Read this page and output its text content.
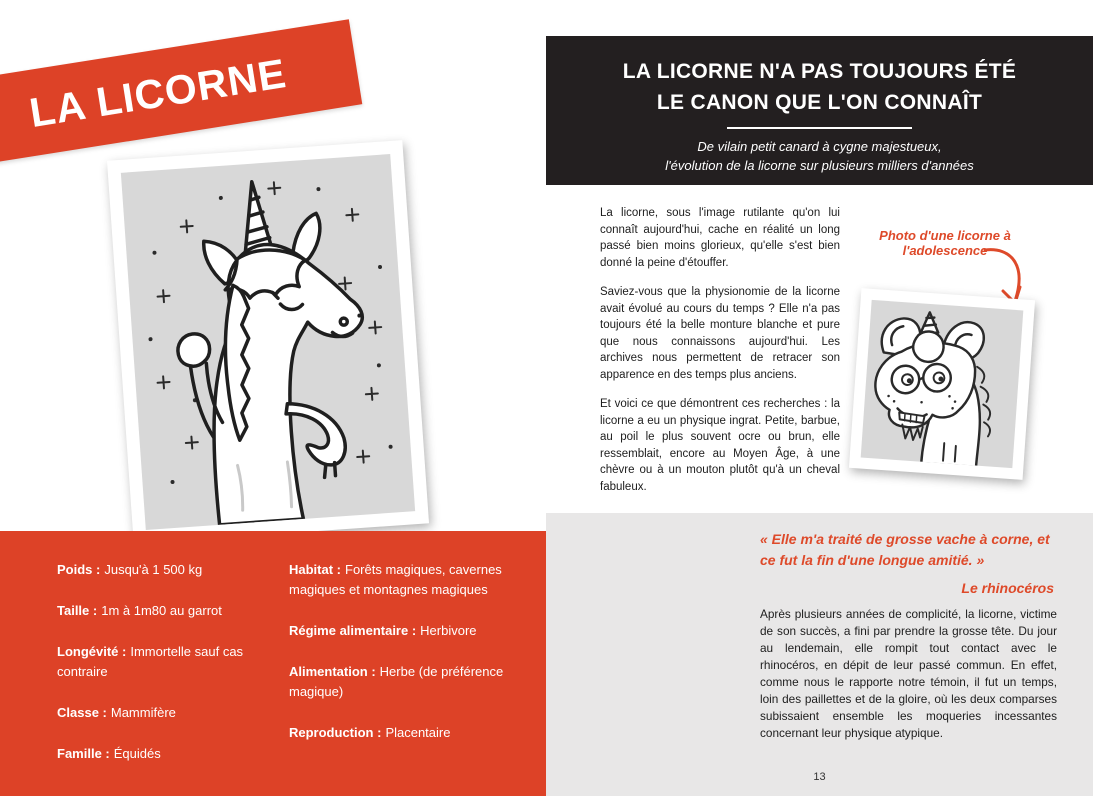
LA LICORNE

Poids : Jusqu'à 1 500 kg

Taille : 1m à 1m80 au garrot

Longévité : Immortelle sauf cas contraire

Classe : Mammifère

Famille : Équidés

Habitat : Forêts magiques, cavernes magiques et montagnes magiques

Régime alimentaire : Herbivore

Alimentation : Herbe (de préférence magique)

Reproduction : Placentaire

LA LICORNE N'A PAS TOUJOURS ÉTÉ
LE CANON QUE L'ON CONNAÎT
De vilain petit canard à cygne majestueux,
l'évolution de la licorne sur plusieurs milliers d'années

La licorne, sous l'image rutilante qu'on lui connaît aujourd'hui, cache en réalité un long passé bien moins glorieux, qu'elle s'est bien donné la peine d'étouffer.

Saviez-vous que la physionomie de la licorne avait évolué au cours du temps ? Elle n'a pas toujours été la belle monture blanche et pure que nous connaissons aujourd'hui. Les archives nous permettent de retracer son apparence en des temps plus anciens.

Et voici ce que démontrent ces recherches : la licorne a eu un physique ingrat. Petite, barbue, au poil le plus souvent ocre ou brun, elle ressemblait, encore au Moyen Âge, à une chèvre ou à un mouton plutôt qu'à un cheval fabuleux.

Photo d'une licorne à l'adolescence
« Elle m'a traité de grosse vache à corne, et ce fut la fin d'une longue amitié. »
Le rhinocéros
Après plusieurs années de complicité, la licorne, victime de son succès, a fini par prendre la grosse tête. Du jour au lendemain, elle rompit tout contact avec le rhinocéros, en dépit de leur passé commun. En effet, comme nous le rapporte notre témoin, il fut un temps, loin des paillettes et de la gloire, où les deux comparses subissaient ensemble les moqueries incessantes concernant leur physique atypique.
13
